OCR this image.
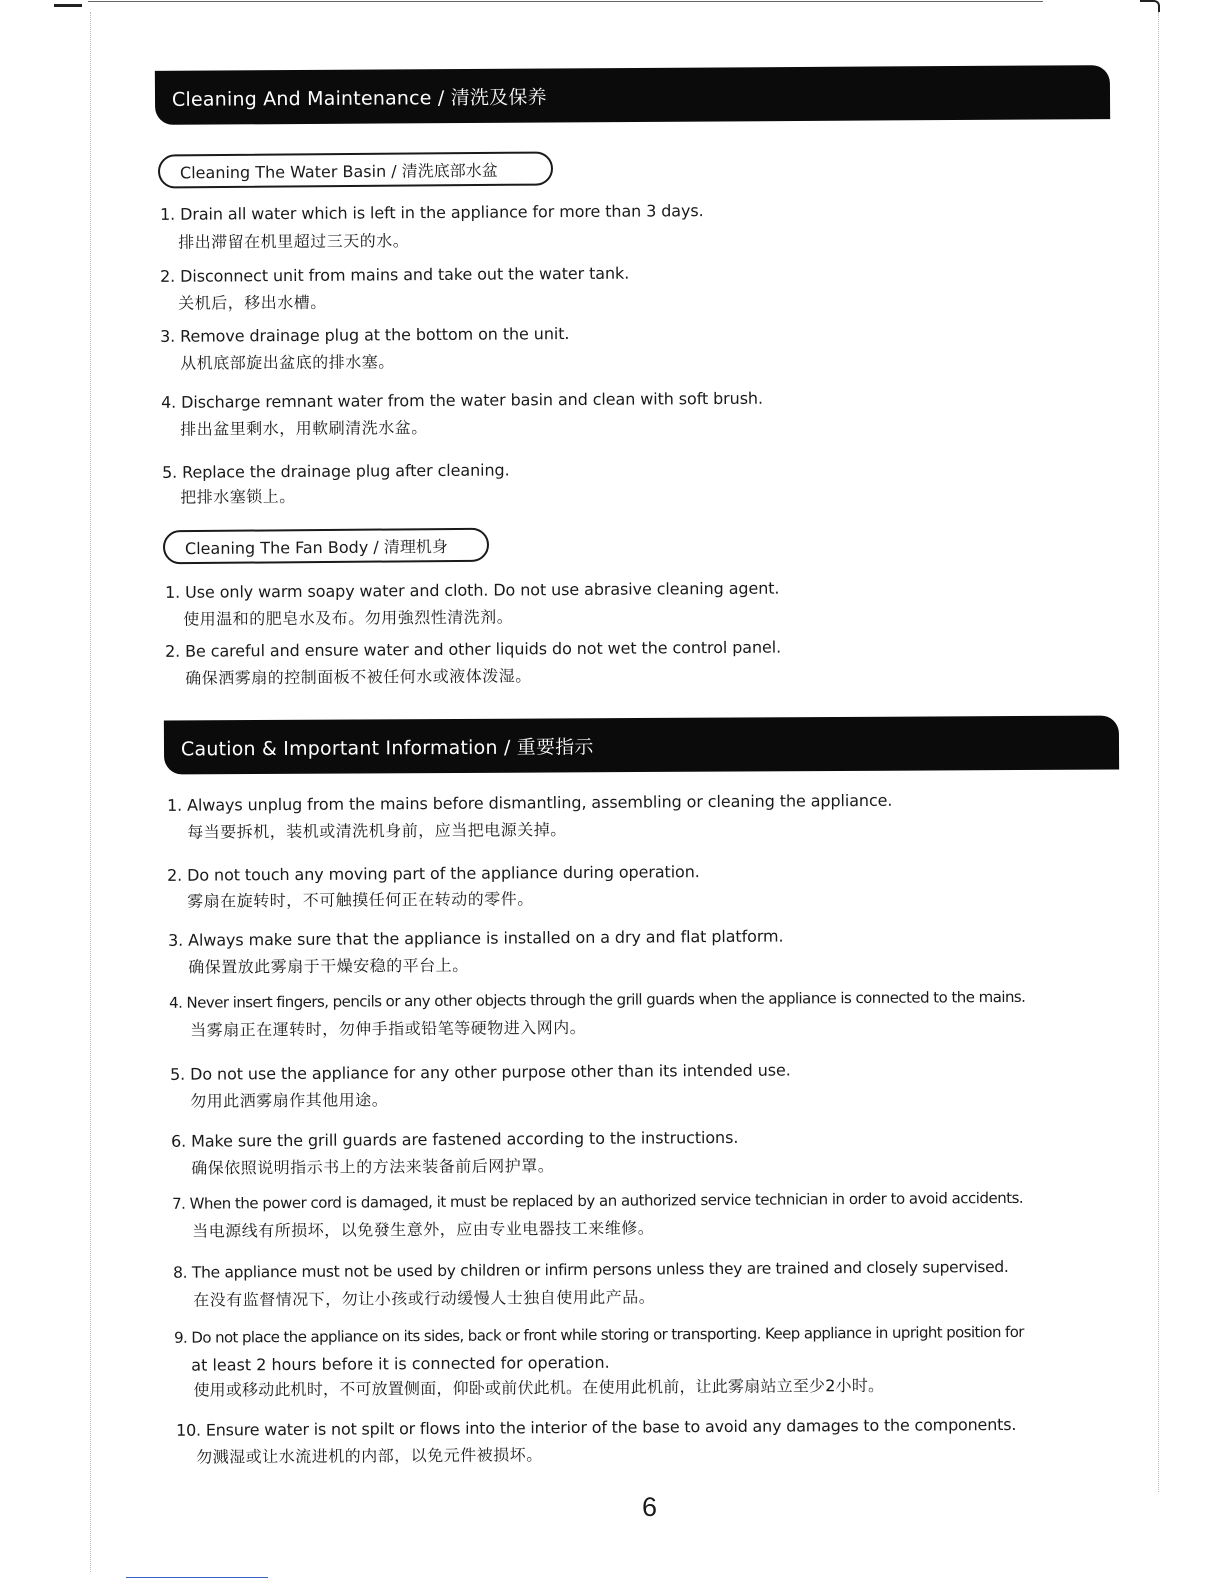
Cleaning And Maintenance / 清洗及保养
Cleaning The Water Basin / 清洗底部水盆
1. Drain all water which is left in the appliance for more than 3 days.
排出滞留在机里超过三天的水。
2. Disconnect unit from mains and take out the water tank.
关机后，移出水槽。
3. Remove drainage plug at the bottom on the unit.
从机底部旋出盆底的排水塞。
4. Discharge remnant water from the water basin and clean with soft brush.
排出盆里剩水，用軟刷清洗水盆。
5. Replace the drainage plug after cleaning.
把排水塞锁上。
Cleaning The Fan Body / 清理机身
1. Use only warm soapy water and cloth. Do not use abrasive cleaning agent.
使用温和的肥皂水及布。勿用強烈性清洗剂。
2. Be careful and ensure water and other liquids do not wet the control panel.
确保洒雾扇的控制面板不被任何水或液体泼湿。
Caution & Important Information / 重要指示
1. Always unplug from the mains before dismantling, assembling or cleaning the appliance.
每当要拆机，装机或清洗机身前，应当把电源关掉。
2. Do not touch any moving part of the appliance during operation.
雾扇在旋转时，不可触摸任何正在转动的零件。
3. Always make sure that the appliance is installed on a dry and flat platform.
确保置放此雾扇于干燥安稳的平台上。
4. Never insert fingers, pencils or any other objects through the grill guards when the appliance is connected to the mains.
当雾扇正在運转时，勿伸手指或铅笔等硬物进入网内。
5. Do not use the appliance for any other purpose other than its intended use.
勿用此洒雾扇作其他用途。
6. Make sure the grill guards are fastened according to the instructions.
确保依照说明指示书上的方法来装备前后网护罩。
7. When the power cord is damaged, it must be replaced by an authorized service technician in order to avoid accidents.
当电源线有所损坏，以免發生意外，应由专业电器技工来维修。
8. The appliance must not be used by children or infirm persons unless they are trained and closely supervised.
在没有监督情况下，勿让小孩或行动缓慢人士独自使用此产品。
9. Do not place the appliance on its sides, back or front while storing or transporting. Keep appliance in upright position for
at least 2 hours before it is connected for operation.
使用或移动此机时，不可放置侧面，仰卧或前伏此机。在使用此机前，让此雾扇站立至少2小时。
10. Ensure water is not spilt or flows into the interior of the base to avoid any damages to the components.
勿溅湿或让水流进机的内部，以免元件被损坏。
6
